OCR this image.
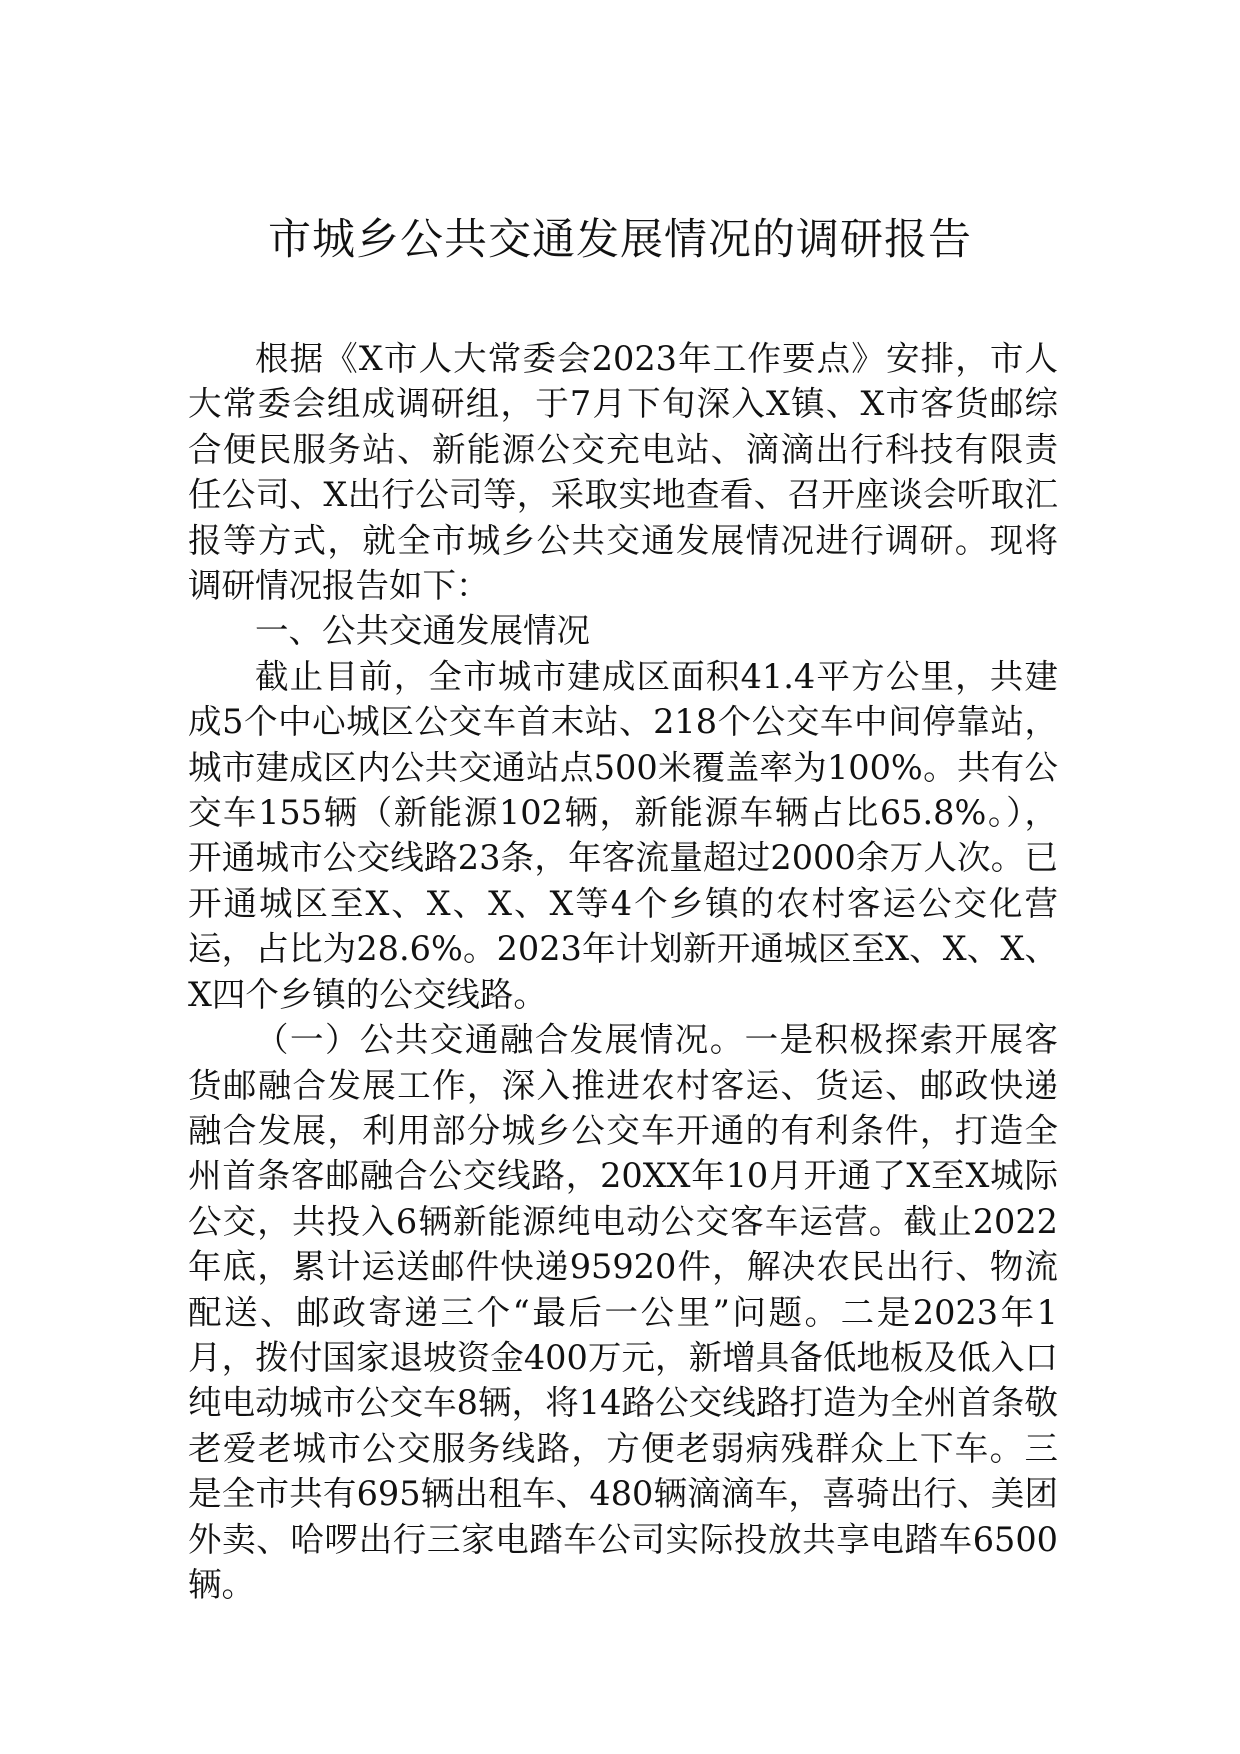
市城乡公共交通发展情况的调研报告

根据《X市人大常委会2023年工作要点》安排，市人大常委会组成调研组，于7月下旬深入X镇、X市客货邮综合便民服务站、新能源公交充电站、滴滴出行科技有限责任公司、X出行公司等，采取实地查看、召开座谈会听取汇报等方式，就全市城乡公共交通发展情况进行调研。现将调研情况报告如下：

一、公共交通发展情况

截止目前，全市城市建成区面积41.4平方公里，共建成5个中心城区公交车首末站、218个公交车中间停靠站，城市建成区内公共交通站点500米覆盖率为100%。共有公交车155辆（新能源102辆，新能源车辆占比65.8%。），开通城市公交线路23条，年客流量超过2000余万人次。已开通城区至X、X、X、X等4个乡镇的农村客运公交化营运，占比为28.6%。2023年计划新开通城区至X、X、X、X四个乡镇的公交线路。

（一）公共交通融合发展情况。一是积极探索开展客货邮融合发展工作，深入推进农村客运、货运、邮政快递融合发展，利用部分城乡公交车开通的有利条件，打造全州首条客邮融合公交线路，20XX年10月开通了X至X城际公交，共投入6辆新能源纯电动公交客车运营。截止2022年底，累计运送邮件快递95920件，解决农民出行、物流配送、邮政寄递三个“最后一公里”问题。二是2023年1月，拨付国家退坡资金400万元，新增具备低地板及低入口纯电动城市公交车8辆，将14路公交线路打造为全州首条敬老爱老城市公交服务线路，方便老弱病残群众上下车。三是全市共有695辆出租车、480辆滴滴车，喜骑出行、美团外卖、哈啰出行三家电踏车公司实际投放共享电踏车6500辆。
